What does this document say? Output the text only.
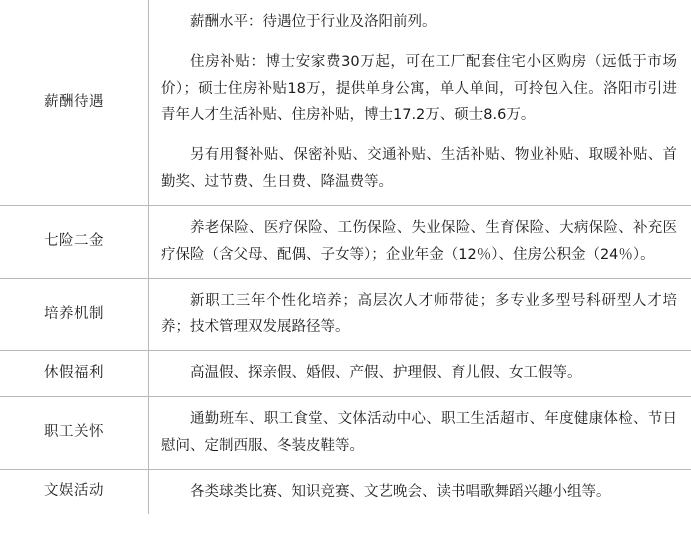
薪酬待遇	薪酬水平：待遇位于行业及洛阳前列。

住房补贴：博士安家费30万起，可在工厂配套住宅小区购房（远低于市场价）；硕士住房补贴18万，提供单身公寓，单人单间，可拎包入住。洛阳市引进青年人才生活补贴、住房补贴，博士17.2万、硕士8.6万。

另有用餐补贴、保密补贴、交通补贴、生活补贴、物业补贴、取暖补贴、首勤奖、过节费、生日费、降温费等。

七险二金	养老保险、医疗保险、工伤保险、失业保险、生育保险、大病保险、补充医疗保险（含父母、配偶、子女等）；企业年金（12％）、住房公积金（24％）。

培养机制	新职工三年个性化培养；高层次人才师带徒；多专业多型号科研型人才培养；技术管理双发展路径等。

休假福利	高温假、探亲假、婚假、产假、护理假、育儿假、女工假等。

职工关怀	通勤班车、职工食堂、文体活动中心、职工生活超市、年度健康体检、节日慰问、定制西服、冬装皮鞋等。

文娱活动	各类球类比赛、知识竞赛、文艺晚会、读书唱歌舞蹈兴趣小组等。
